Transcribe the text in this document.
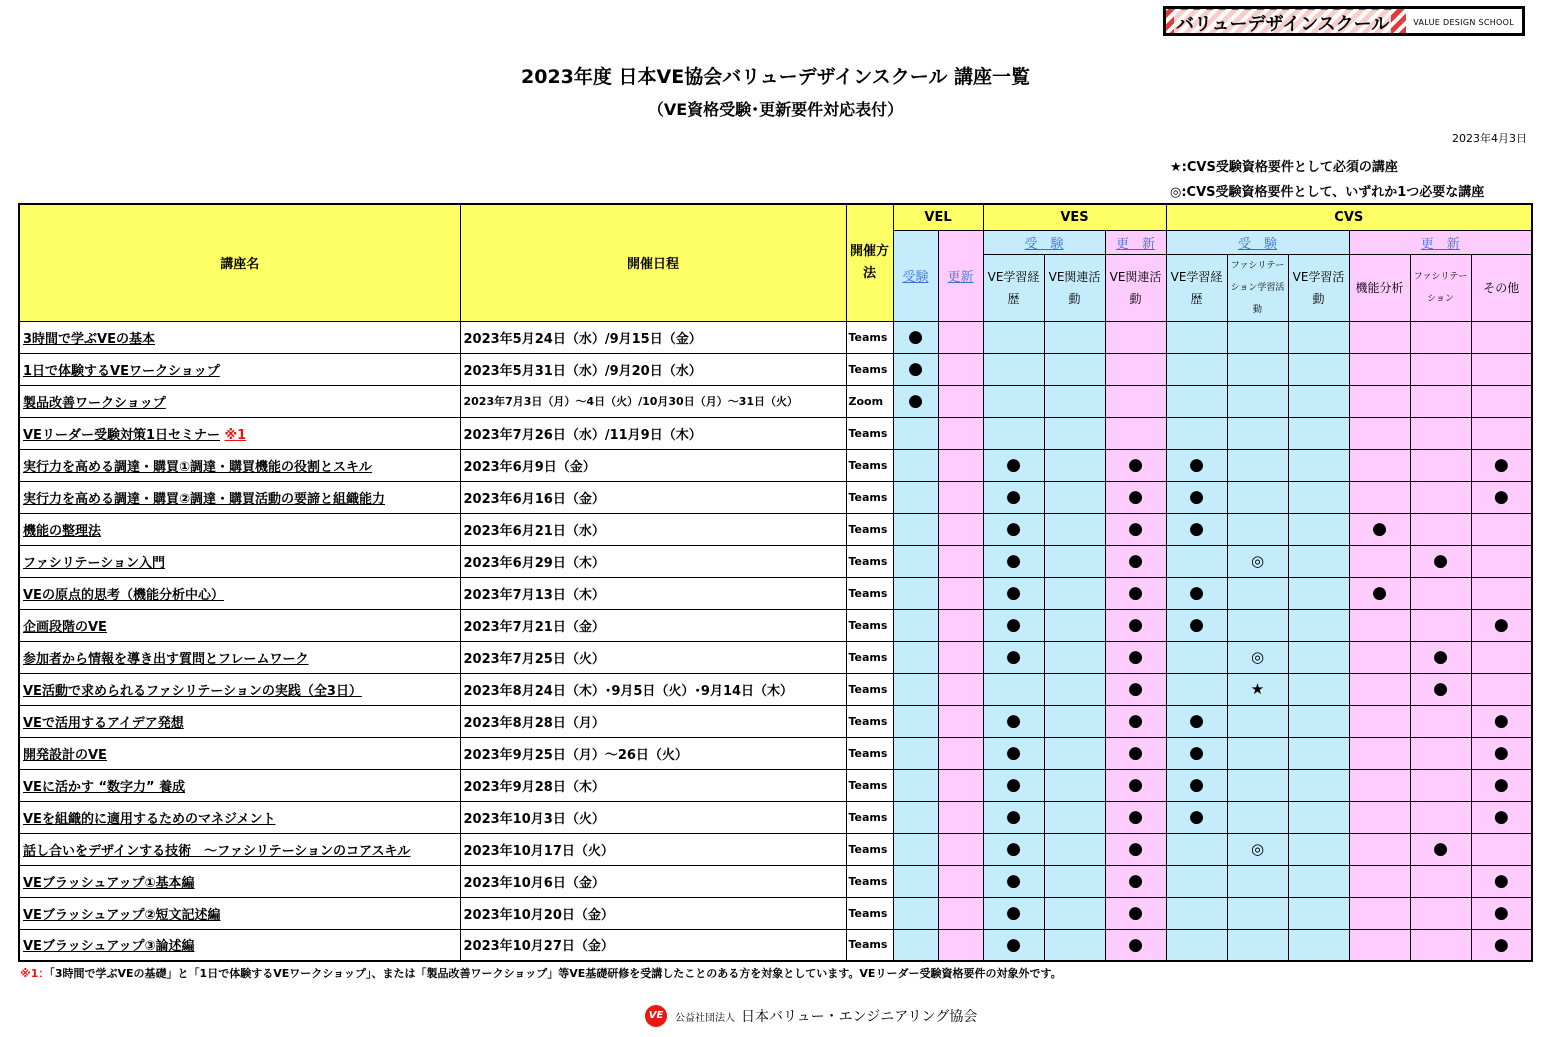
バリューデザインスクール	VALUE DESIGN SCHOOL
2023年度 日本VE協会バリューデザインスクール 講座一覧
（VE資格受験･更新要件対応表付）
2023年4月3日
★:CVS受験資格要件として必須の講座
◎:CVS受験資格要件として、いずれか1つ必要な講座
講座名	開催日程	開催方法	VEL		VES			CVS					
			受験	更新	受　験		更　新	受　験			更　新		
					VE学習経歴	VE関連活動	VE関連活動	VE学習経歴	ファシリテーション学習活動	VE学習活動	機能分析	ファシリテーション	その他
3時間で学ぶVEの基本	2023年5月24日（水）/9月15日（金）	Teams	●										
1日で体験するVEワークショップ	2023年5月31日（水）/9月20日（水）	Teams	●										
製品改善ワークショップ	2023年7月3日（月）～4日（火）/10月30日（月）～31日（火）	Zoom	●										
VEリーダー受験対策1日セミナー ※1	2023年7月26日（水）/11月9日（木）	Teams											
実行力を高める調達・購買①調達・購買機能の役割とスキル	2023年6月9日（金）	Teams			●		●	●					●
実行力を高める調達・購買②調達・購買活動の要諦と組織能力	2023年6月16日（金）	Teams			●		●	●					●
機能の整理法	2023年6月21日（水）	Teams			●		●	●			●		
ファシリテーション入門	2023年6月29日（木）	Teams			●		●		◎			●	
VEの原点的思考（機能分析中心）	2023年7月13日（木）	Teams			●		●	●			●		
企画段階のVE	2023年7月21日（金）	Teams			●		●	●					●
参加者から情報を導き出す質問とフレームワーク	2023年7月25日（火）	Teams			●		●		◎			●	
VE活動で求められるファシリテーションの実践（全3日）	2023年8月24日（木）･9月5日（火）･9月14日（木）	Teams					●		★			●	
VEで活用するアイデア発想	2023年8月28日（月）	Teams			●		●	●					●
開発設計のVE	2023年9月25日（月）～26日（火）	Teams			●		●	●					●
VEに活かす “数字力” 養成	2023年9月28日（木）	Teams			●		●	●					●
VEを組織的に適用するためのマネジメント	2023年10月3日（火）	Teams			●		●	●					●
話し合いをデザインする技術　～ファシリテーションのコアスキル	2023年10月17日（火）	Teams			●		●		◎			●	
VEブラッシュアップ①基本編	2023年10月6日（金）	Teams			●		●						●
VEブラッシュアップ②短文記述編	2023年10月20日（金）	Teams			●		●						●
VEブラッシュアップ③論述編	2023年10月27日（金）	Teams			●		●						●
※1：「3時間で学ぶVEの基礎」と「1日で体験するVEワークショップ」、または「製品改善ワークショップ」等VE基礎研修を受講したことのある方を対象としています。VEリーダー受験資格要件の対象外です。
VE	公益社団法人 日本バリュー・エンジニアリング協会
